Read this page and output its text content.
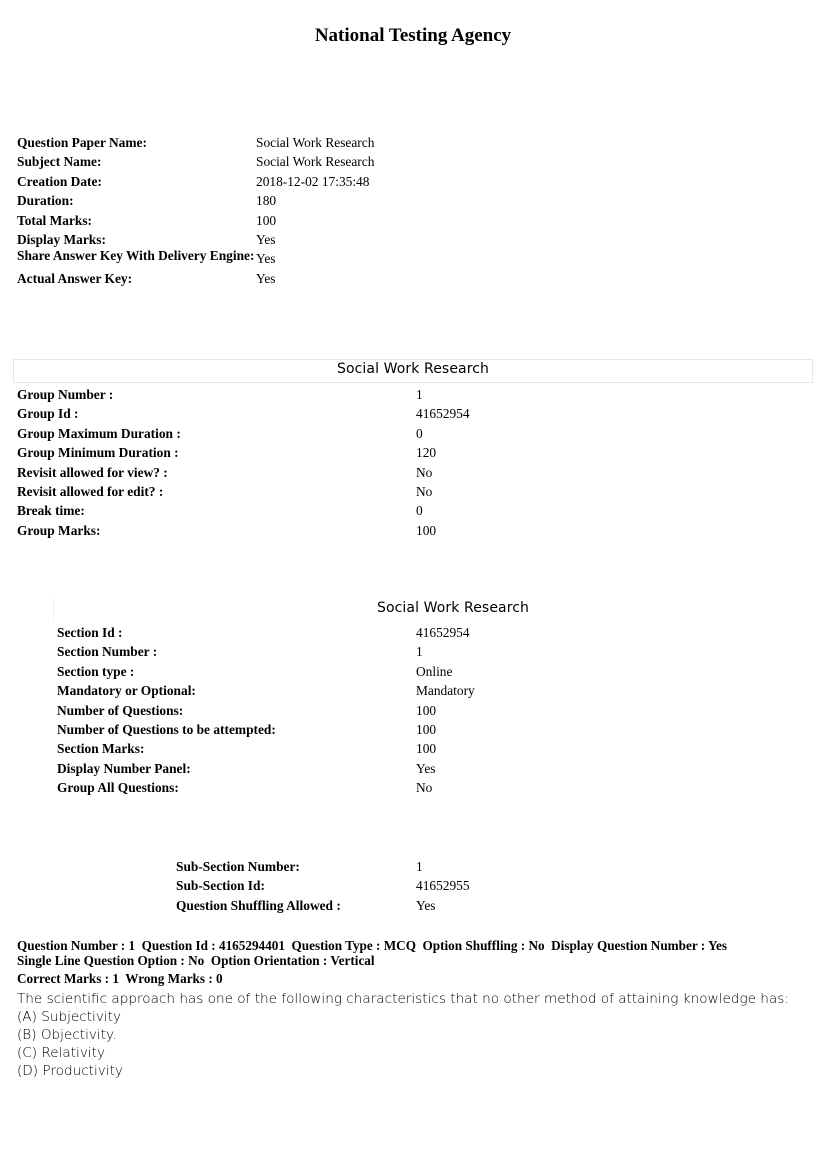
National Testing Agency
Question Paper Name:	Social Work Research
Subject Name:	Social Work Research
Creation Date:	2018-12-02 17:35:48
Duration:	180
Total Marks:	100
Display Marks:	Yes
Share Answer Key With Delivery Engine: Yes
Actual Answer Key:	Yes
Social Work Research
Group Number :	1
Group Id :	41652954
Group Maximum Duration :	0
Group Minimum Duration :	120
Revisit allowed for view? :	No
Revisit allowed for edit? :	No
Break time:	0
Group Marks:	100
Social Work Research
Section Id :	41652954
Section Number :	1
Section type :	Online
Mandatory or Optional:	Mandatory
Number of Questions:	100
Number of Questions to be attempted:	100
Section Marks:	100
Display Number Panel:	Yes
Group All Questions:	No
Sub-Section Number:	1
Sub-Section Id:	41652955
Question Shuffling Allowed :	Yes
Question Number : 1  Question Id : 4165294401  Question Type : MCQ  Option Shuffling : No  Display Question Number : Yes
Single Line Question Option : No  Option Orientation : Vertical
Correct Marks : 1  Wrong Marks : 0
The scientific approach has one of the following characteristics that no other method of attaining knowledge has:
(A) Subjectivity
(B) Objectivity.
(C) Relativity
(D) Productivity
